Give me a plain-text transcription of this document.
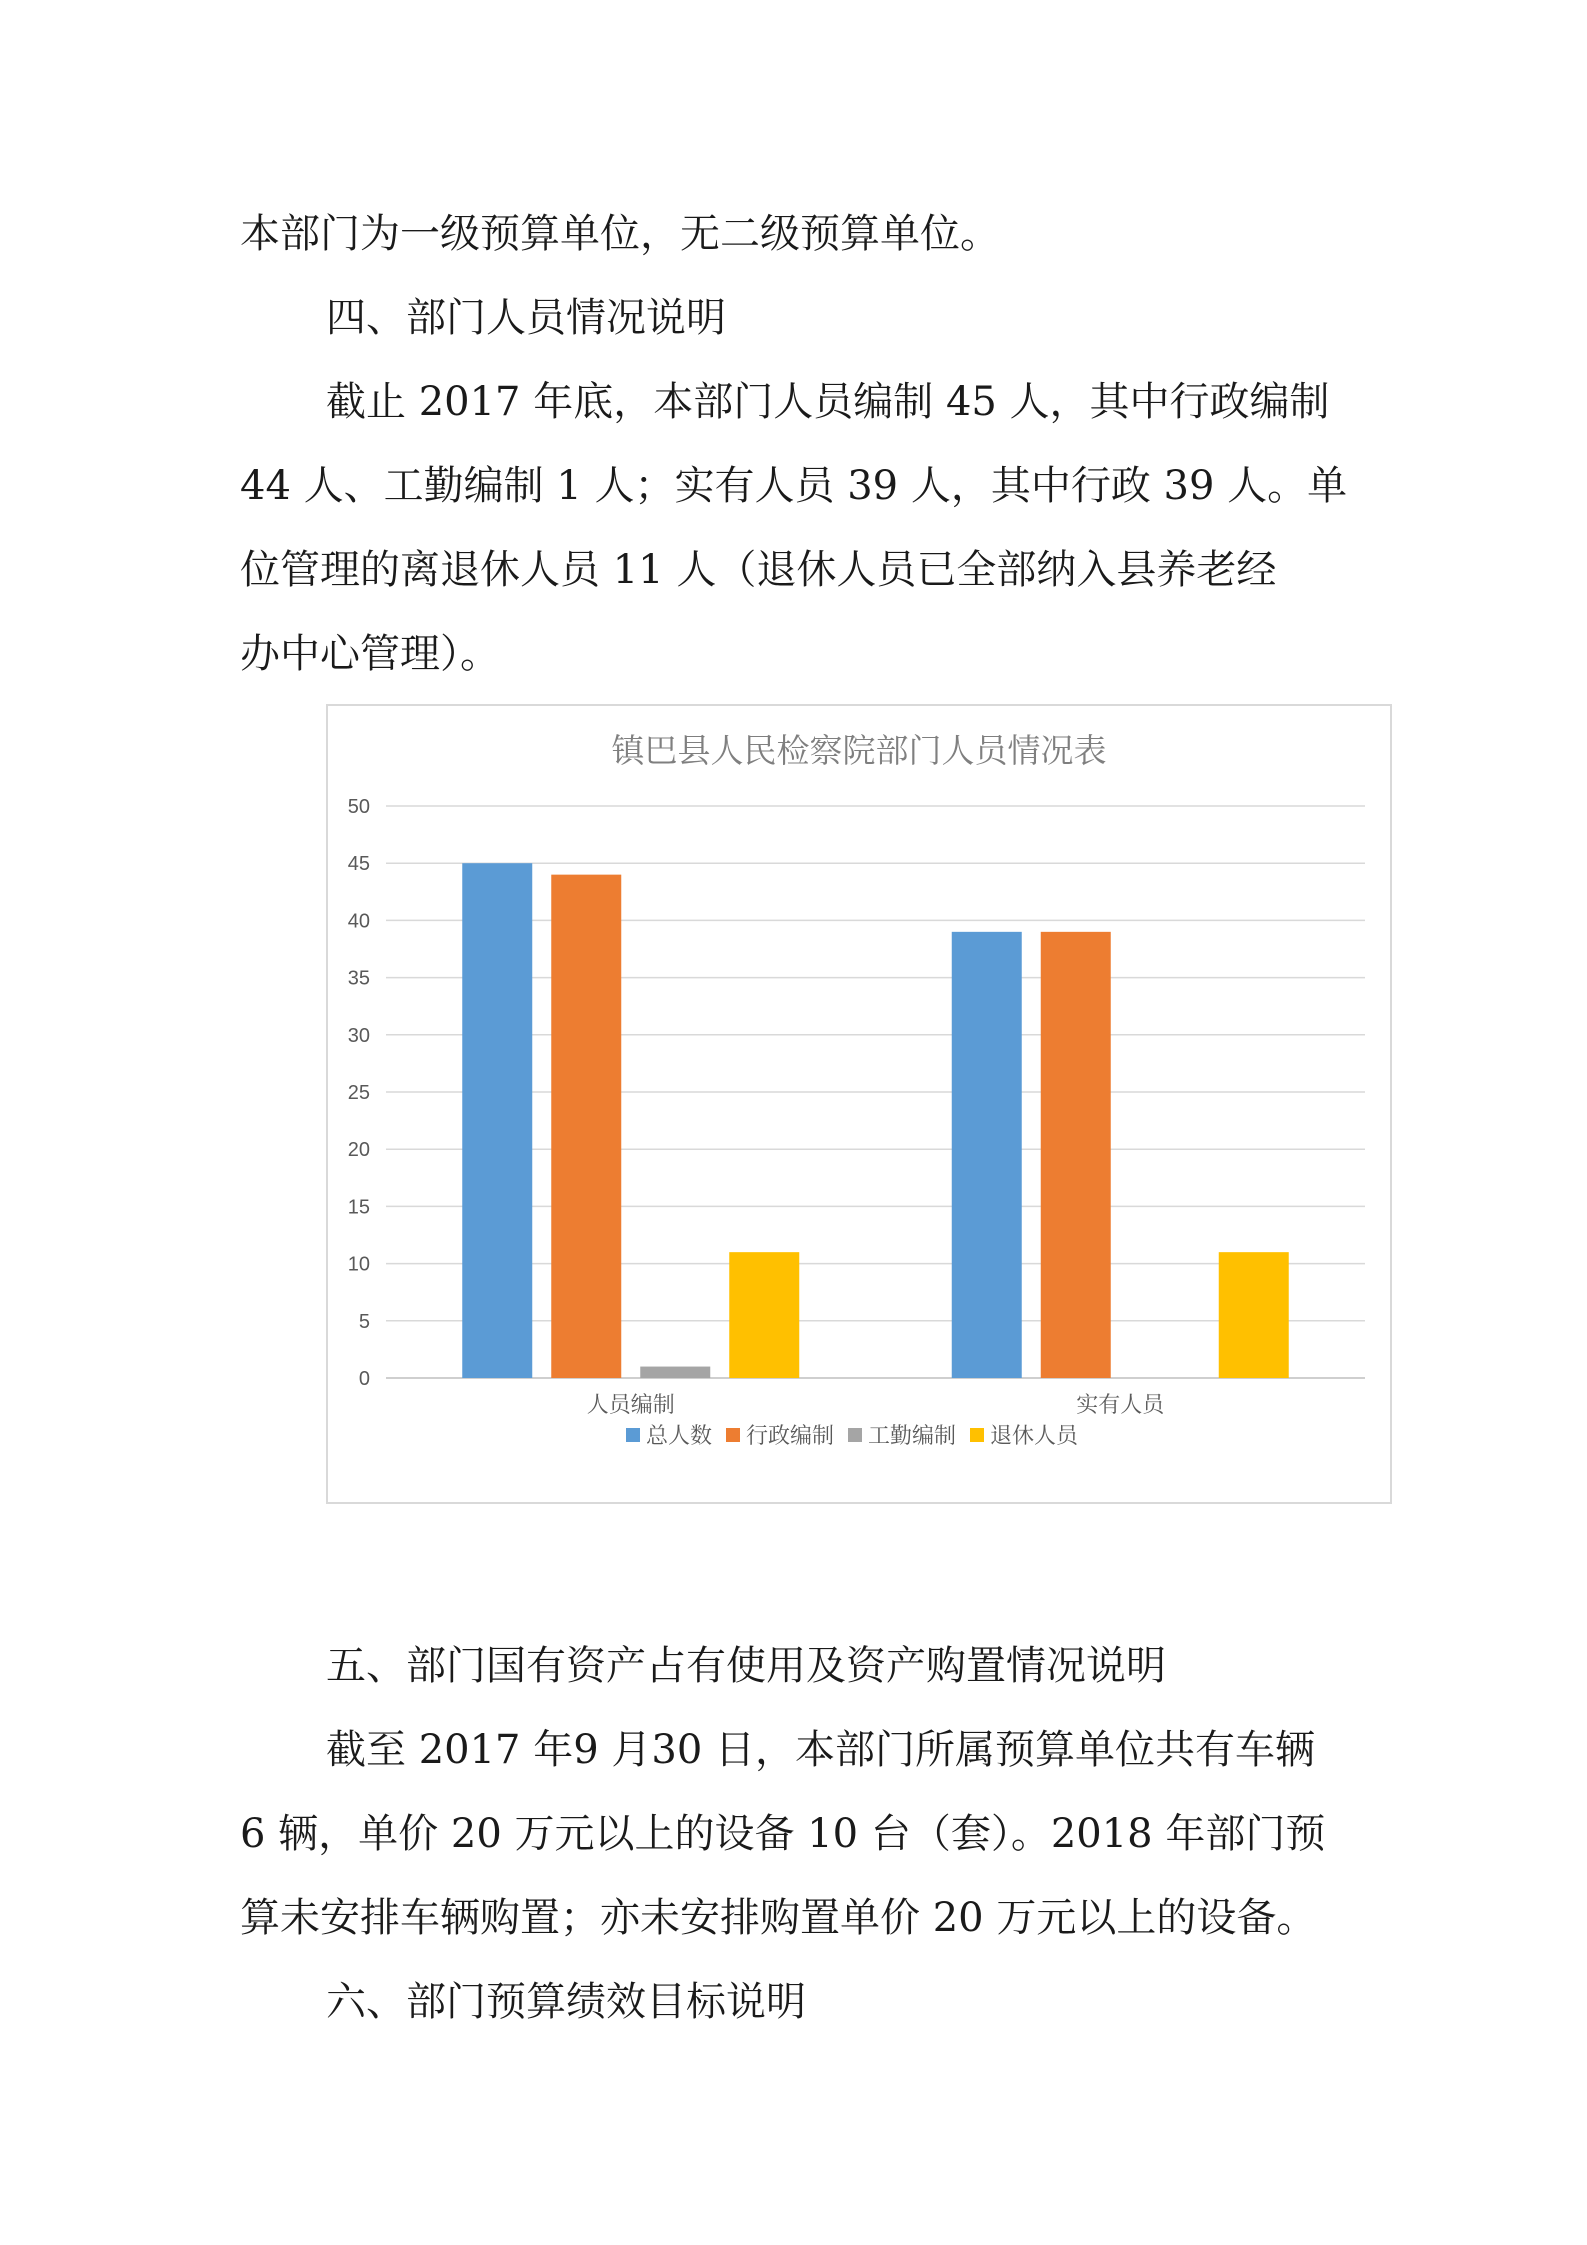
本部门为一级预算单位，无二级预算单位。

四、部门人员情况说明

截止 2017 年底，本部门人员编制 45 人，其中行政编制

44 人、工勤编制 1 人；实有人员 39 人，其中行政 39 人。单

位管理的离退休人员 11 人（退休人员已全部纳入县养老经

办中心管理）。

镇巴县人民检察院部门人员情况表
0
5
10
15
20
25
30
35
40
45
50
人员编制	实有人员
总人数 行政编制 工勤编制 退休人员

五、部门国有资产占有使用及资产购置情况说明

截至 2017 年9 月30 日，本部门所属预算单位共有车辆

6 辆，单价 20 万元以上的设备 10 台（套）。2018 年部门预

算未安排车辆购置；亦未安排购置单价 20 万元以上的设备。

六、部门预算绩效目标说明
